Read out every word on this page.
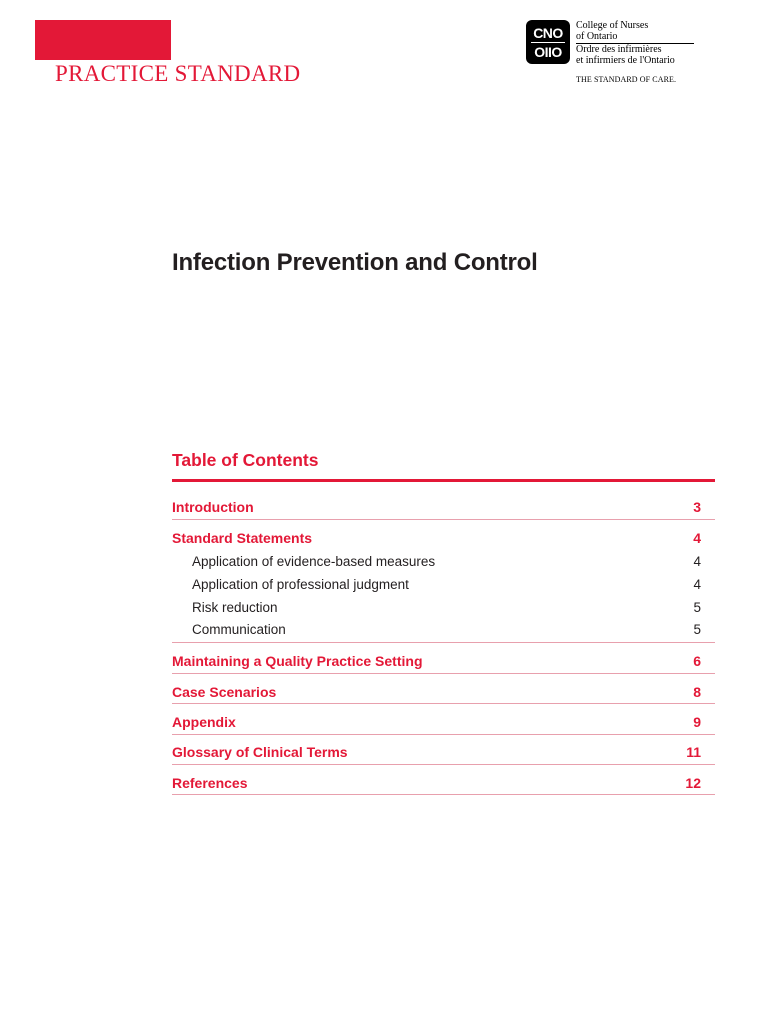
PRACTICE STANDARD
CNO
OIIO
College of Nurses
of Ontario
Ordre des infirmières
et infirmiers de l'Ontario
THE STANDARD OF CARE.
Infection Prevention and Control
Table of Contents
Introduction	3
Standard Statements	4
Application of evidence-based measures	4
Application of professional judgment	4
Risk reduction	5
Communication	5
Maintaining a Quality Practice Setting	6
Case Scenarios	8
Appendix	9
Glossary of Clinical Terms	11
References	12
